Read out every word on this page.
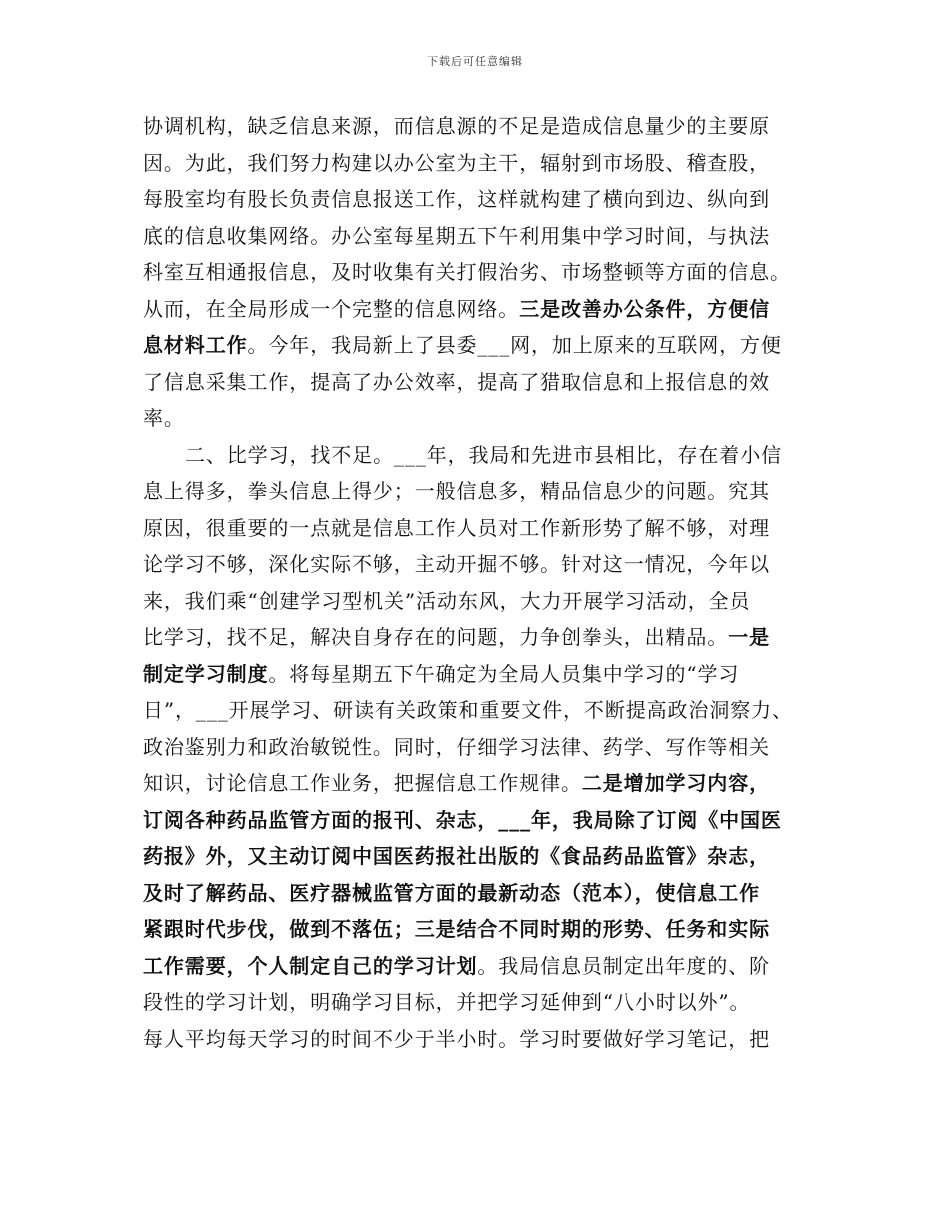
下载后可任意编辑
协调机构，缺乏信息来源，而信息源的不足是造成信息量少的主要原
因。为此，我们努力构建以办公室为主干，辐射到市场股、稽查股，
每股室均有股长负责信息报送工作，这样就构建了横向到边、纵向到
底的信息收集网络。办公室每星期五下午利用集中学习时间，与执法
科室互相通报信息，及时收集有关打假治劣、市场整顿等方面的信息。
从而，在全局形成一个完整的信息网络。三是改善办公条件，方便信
息材料工作。今年，我局新上了县委___网，加上原来的互联网，方便
了信息采集工作，提高了办公效率，提高了猎取信息和上报信息的效
率。
二、比学习，找不足。___年，我局和先进市县相比，存在着小信
息上得多，拳头信息上得少；一般信息多，精品信息少的问题。究其
原因，很重要的一点就是信息工作人员对工作新形势了解不够，对理
论学习不够，深化实际不够，主动开掘不够。针对这一情况，今年以
来，我们乘“创建学习型机关”活动东风，大力开展学习活动，全员
比学习，找不足，解决自身存在的问题，力争创拳头，出精品。一是
制定学习制度。将每星期五下午确定为全局人员集中学习的“学习
日”，___开展学习、研读有关政策和重要文件，不断提高政治洞察力、
政治鉴别力和政治敏锐性。同时，仔细学习法律、药学、写作等相关
知识，讨论信息工作业务，把握信息工作规律。二是增加学习内容，
订阅各种药品监管方面的报刊、杂志，___年，我局除了订阅《中国医
药报》外，又主动订阅中国医药报社出版的《食品药品监管》杂志，
及时了解药品、医疗器械监管方面的最新动态（范本），使信息工作
紧跟时代步伐，做到不落伍；三是结合不同时期的形势、任务和实际
工作需要，个人制定自己的学习计划。我局信息员制定出年度的、阶
段性的学习计划，明确学习目标，并把学习延伸到“八小时以外”。
每人平均每天学习的时间不少于半小时。学习时要做好学习笔记，把
